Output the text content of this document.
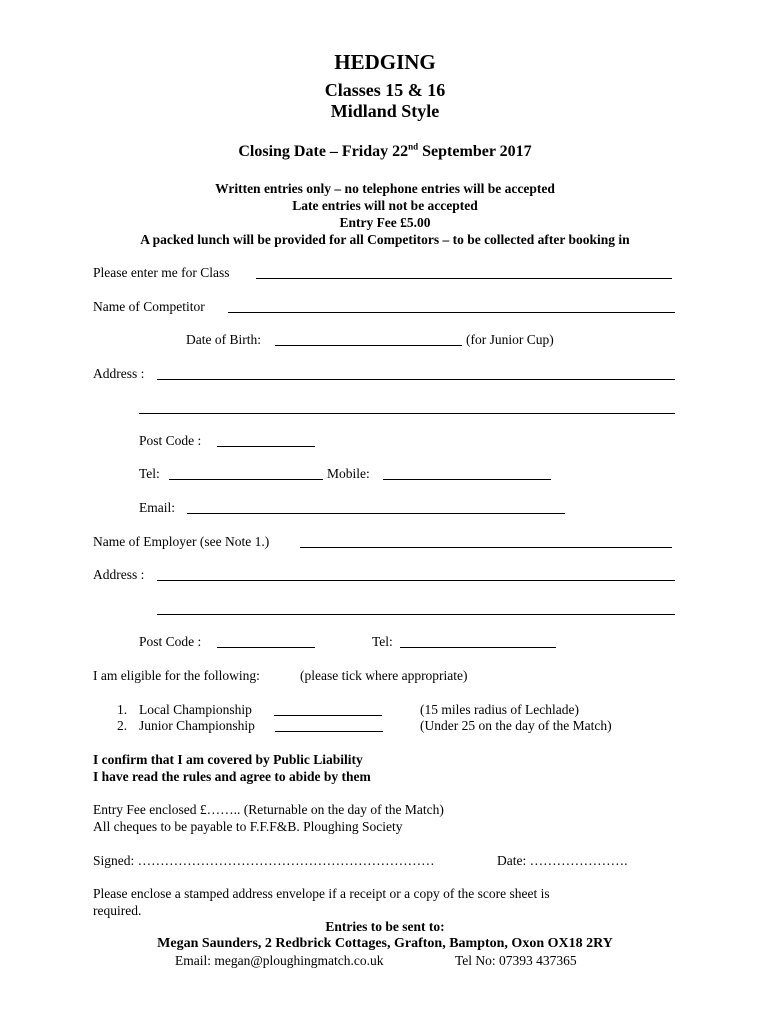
HEDGING
Classes 15 & 16
Midland Style
Closing Date – Friday 22nd September 2017
Written entries only – no telephone entries will be accepted
Late entries will not be accepted
Entry Fee £5.00
A packed lunch will be provided for all Competitors – to be collected after booking in
Please enter me for Class
Name of Competitor
Date of Birth:	(for Junior Cup)
Address :
Post Code :
Tel:	Mobile:
Email:
Name of Employer (see Note 1.)
Address :
Post Code :	Tel:
I am eligible for the following:	(please tick where appropriate)
1. Local Championship	(15 miles radius of Lechlade)
2. Junior Championship	(Under 25 on the day of the Match)
I confirm that I am covered by Public Liability
I have read the rules and agree to abide by them
Entry Fee enclosed £…….. (Returnable on the day of the Match)
All cheques to be payable to F.F.F&B. Ploughing Society
Signed: …………………………………………………………	Date: ………………….
Please enclose a stamped address envelope if a receipt or a copy of the score sheet is
required.
Entries to be sent to:
Megan Saunders, 2 Redbrick Cottages, Grafton, Bampton, Oxon OX18 2RY
Email: megan@ploughingmatch.co.uk	Tel No: 07393 437365
